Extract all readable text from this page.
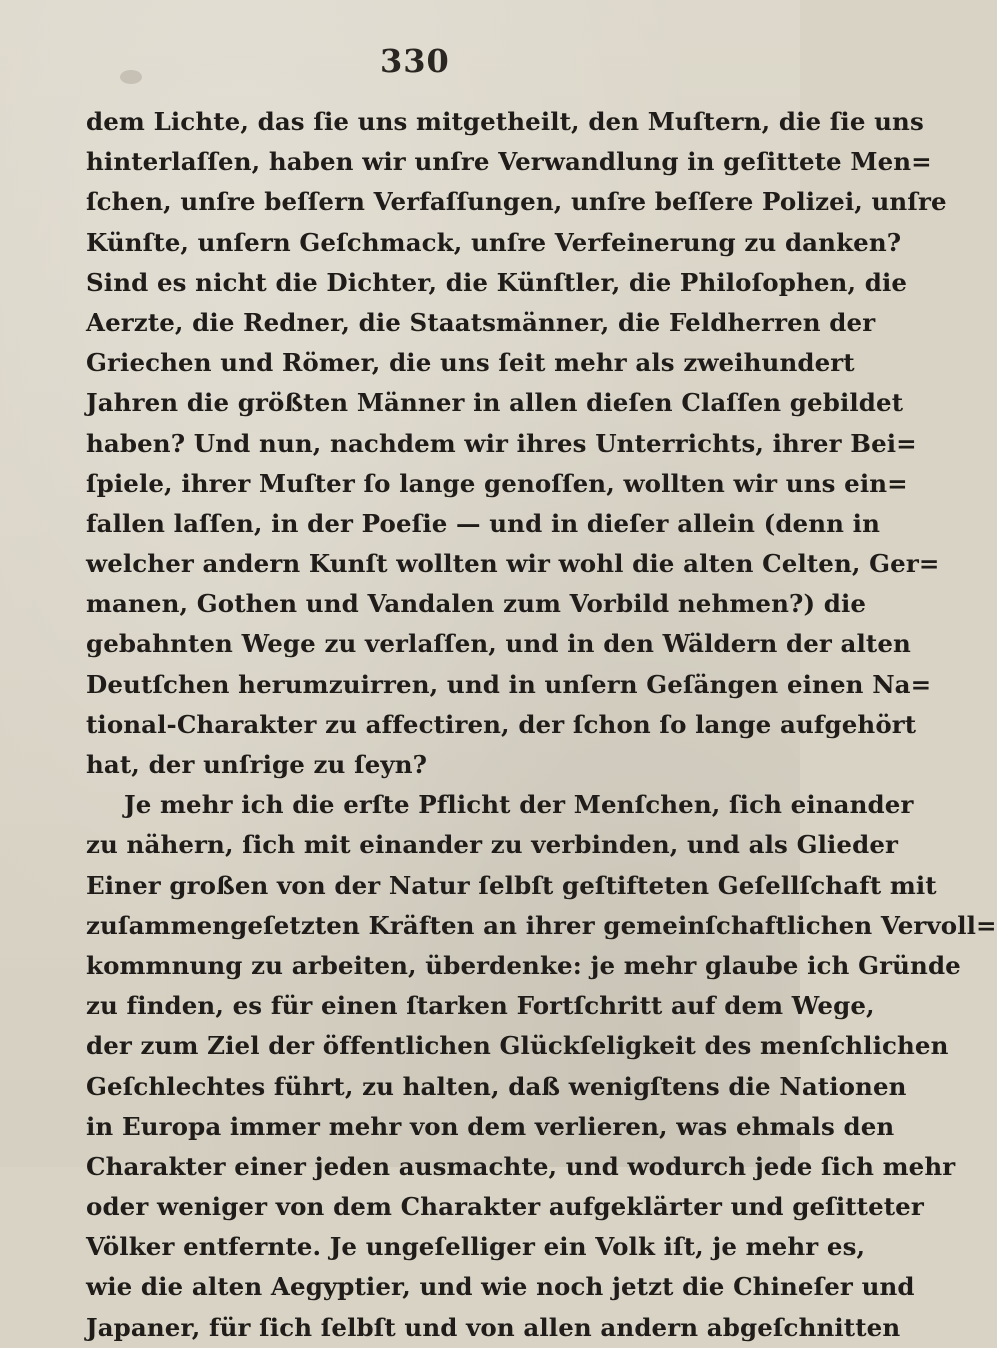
330
dem Lichte, das ſie uns mitgetheilt, den Muſtern, die ſie uns
hinterlaſſen, haben wir unſre Verwandlung in geſittete Men=
ſchen, unſre beſſern Verfaſſungen, unſre beſſere Polizei, unſre
Künſte, unſern Geſchmack, unſre Verfeinerung zu danken?
Sind es nicht die Dichter, die Künſtler, die Philoſophen, die
Aerzte, die Redner, die Staatsmänner, die Feldherren der
Griechen und Römer, die uns ſeit mehr als zweihundert
Jahren die größten Männer in allen dieſen Claſſen gebildet
haben? Und nun, nachdem wir ihres Unterrichts, ihrer Bei=
ſpiele, ihrer Muſter ſo lange genoſſen, wollten wir uns ein=
fallen laſſen, in der Poeſie — und in dieſer allein (denn in
welcher andern Kunſt wollten wir wohl die alten Celten, Ger=
manen, Gothen und Vandalen zum Vorbild nehmen?) die
gebahnten Wege zu verlaſſen, und in den Wäldern der alten
Deutſchen herumzuirren, und in unſern Geſängen einen Na=
tional-Charakter zu affectiren, der ſchon ſo lange aufgehört
hat, der unſrige zu ſeyn?
Je mehr ich die erſte Pflicht der Menſchen, ſich einander
zu nähern, ſich mit einander zu verbinden, und als Glieder
Einer großen von der Natur ſelbſt geſtifteten Geſellſchaft mit
zuſammengeſetzten Kräften an ihrer gemeinſchaftlichen Vervoll=
kommnung zu arbeiten, überdenke: je mehr glaube ich Gründe
zu finden, es für einen ſtarken Fortſchritt auf dem Wege,
der zum Ziel der öffentlichen Glückſeligkeit des menſchlichen
Geſchlechtes führt, zu halten, daß wenigſtens die Nationen
in Europa immer mehr von dem verlieren, was ehmals den
Charakter einer jeden ausmachte, und wodurch jede ſich mehr
oder weniger von dem Charakter aufgeklärter und geſitteter
Völker entfernte. Je ungeſelliger ein Volk iſt, je mehr es,
wie die alten Aegyptier, und wie noch jetzt die Chineſer und
Japaner, für ſich ſelbſt und von allen andern abgeſchnitten
